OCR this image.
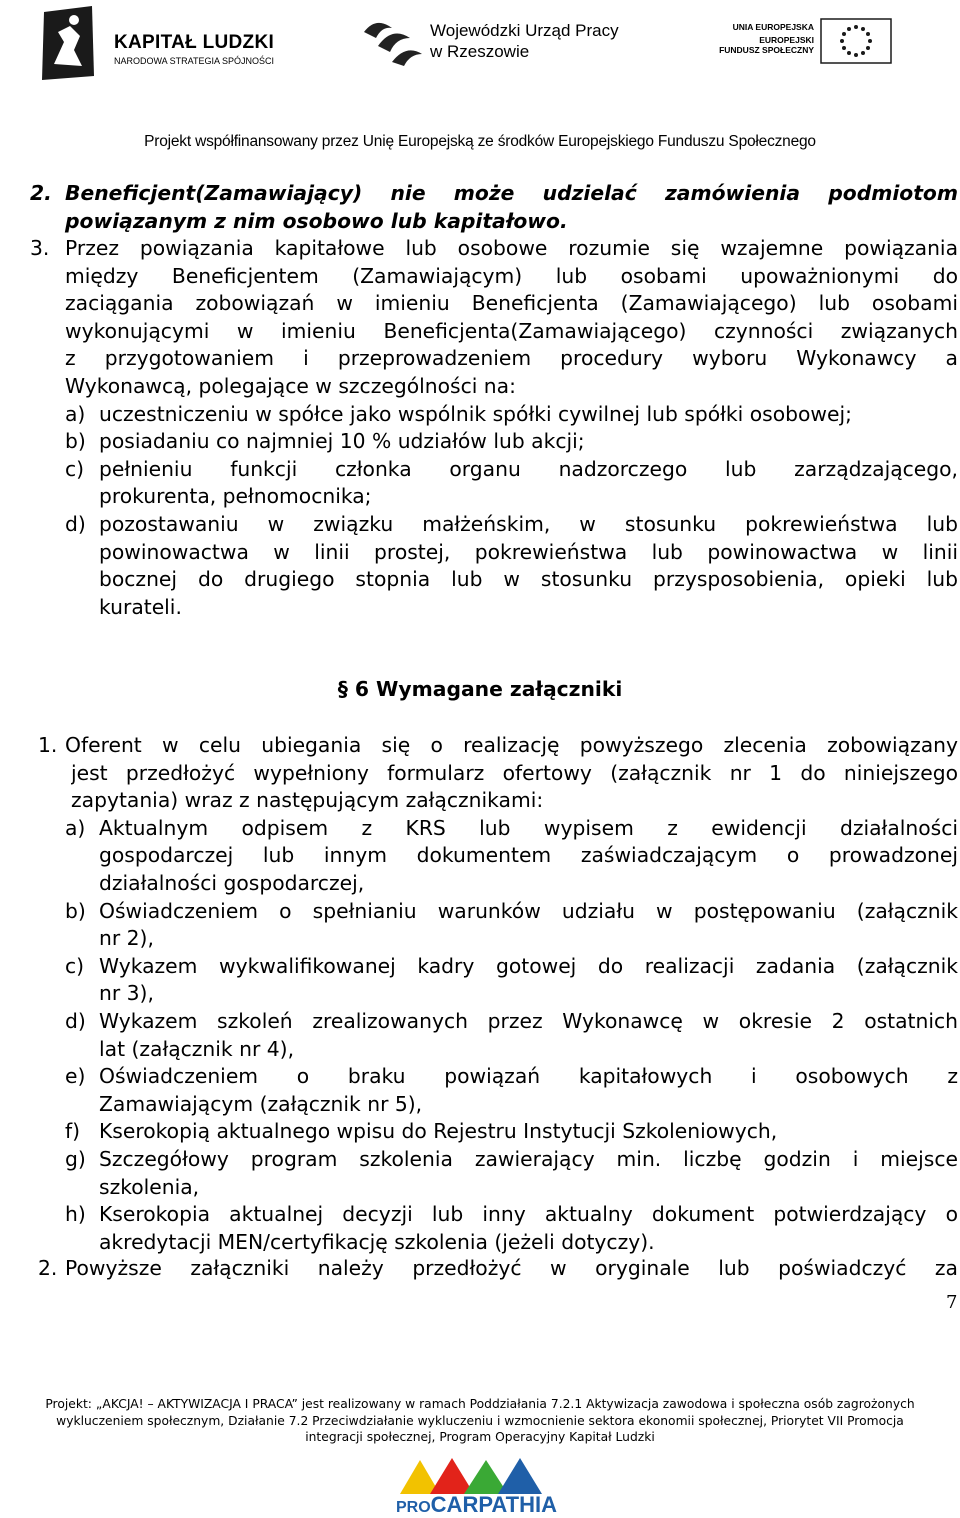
KAPITAŁ LUDZKI
NARODOWA STRATEGIA SPÓJNOŚCI
Wojewódzki Urząd Pracy
w Rzeszowie
UNIA EUROPEJSKA
EUROPEJSKI
FUNDUSZ SPOŁECZNY
Projekt współfinansowany przez Unię Europejską ze środków Europejskiego Funduszu Społecznego
2. Beneficjent(Zamawiający) nie może udzielać zamówienia podmiotom
powiązanym z nim osobowo lub kapitałowo.
3. Przez powiązania kapitałowe lub osobowe rozumie się wzajemne powiązania
między Beneficjentem (Zamawiającym) lub osobami upoważnionymi do
zaciągania zobowiązań w imieniu Beneficjenta (Zamawiającego) lub osobami
wykonującymi w imieniu Beneficjenta(Zamawiającego) czynności związanych
z przygotowaniem i przeprowadzeniem procedury wyboru Wykonawcy a
Wykonawcą, polegające w szczególności na:
a) uczestniczeniu w spółce jako wspólnik spółki cywilnej lub spółki osobowej;
b) posiadaniu co najmniej 10 % udziałów lub akcji;
c) pełnieniu funkcji członka organu nadzorczego lub zarządzającego,
prokurenta, pełnomocnika;
d) pozostawaniu w związku małżeńskim, w stosunku pokrewieństwa lub
powinowactwa w linii prostej, pokrewieństwa lub powinowactwa w linii
bocznej do drugiego stopnia lub w stosunku przysposobienia, opieki lub
kurateli.
§ 6 Wymagane załączniki
1. Oferent w celu ubiegania się o realizację powyższego zlecenia zobowiązany
jest przedłożyć wypełniony formularz ofertowy (załącznik nr 1 do niniejszego
zapytania) wraz z następującym załącznikami:
a) Aktualnym odpisem z KRS lub wypisem z ewidencji działalności
gospodarczej lub innym dokumentem zaświadczającym o prowadzonej
działalności gospodarczej,
b) Oświadczeniem o spełnianiu warunków udziału w postępowaniu (załącznik
nr 2),
c) Wykazem wykwalifikowanej kadry gotowej do realizacji zadania (załącznik
nr 3),
d) Wykazem szkoleń zrealizowanych przez Wykonawcę w okresie 2 ostatnich
lat (załącznik nr 4),
e) Oświadczeniem o braku powiązań kapitałowych i osobowych z
Zamawiającym (załącznik nr 5),
f) Kserokopią aktualnego wpisu do Rejestru Instytucji Szkoleniowych,
g) Szczegółowy program szkolenia zawierający min. liczbę godzin i miejsce
szkolenia,
h) Kserokopia aktualnej decyzji lub inny aktualny dokument potwierdzający o
akredytacji MEN/certyfikację szkolenia (jeżeli dotyczy).
2. Powyższe załączniki należy przedłożyć w oryginale lub poświadczyć za
7
Projekt: „AKCJA! – AKTYWIZACJA I PRACA” jest realizowany w ramach Poddziałania 7.2.1 Aktywizacja zawodowa i społeczna osób zagrożonych
wykluczeniem społecznym, Działanie 7.2 Przeciwdziałanie wykluczeniu i wzmocnienie sektora ekonomii społecznej, Priorytet VII Promocja
integracji społecznej, Program Operacyjny Kapitał Ludzki
PROCARPATHIA
